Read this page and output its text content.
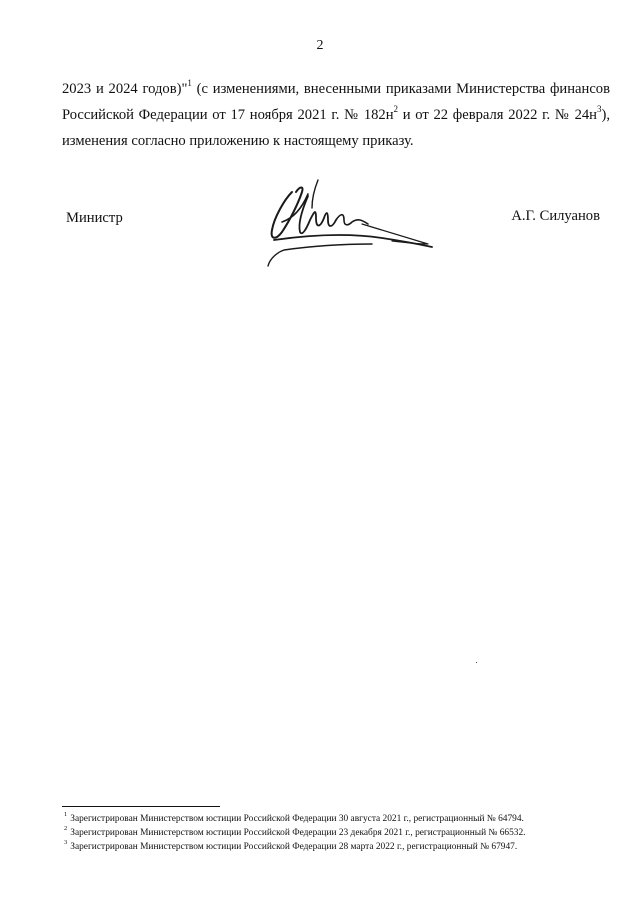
2
2023 и 2024 годов)"$^1$ (с изменениями, внесенными приказами Министерства финансов
Российской Федерации от 17 ноября 2021 г. № $182н^2$ и от 22 февраля 2022 г. № $24н^3$),
изменения согласно приложению к настоящему приказу.
Министр	А.Г. Силуанов
$^1$ Зарегистрирован Министерством юстиции Российской Федерации 30 августа 2021 г., регистрационный № 64794.
$^2$ Зарегистрирован Министерством юстиции Российской Федерации 23 декабря 2021 г., регистрационный № 66532.
$^3$ Зарегистрирован Министерством юстиции Российской Федерации 28 марта 2022 г., регистрационный № 67947.
